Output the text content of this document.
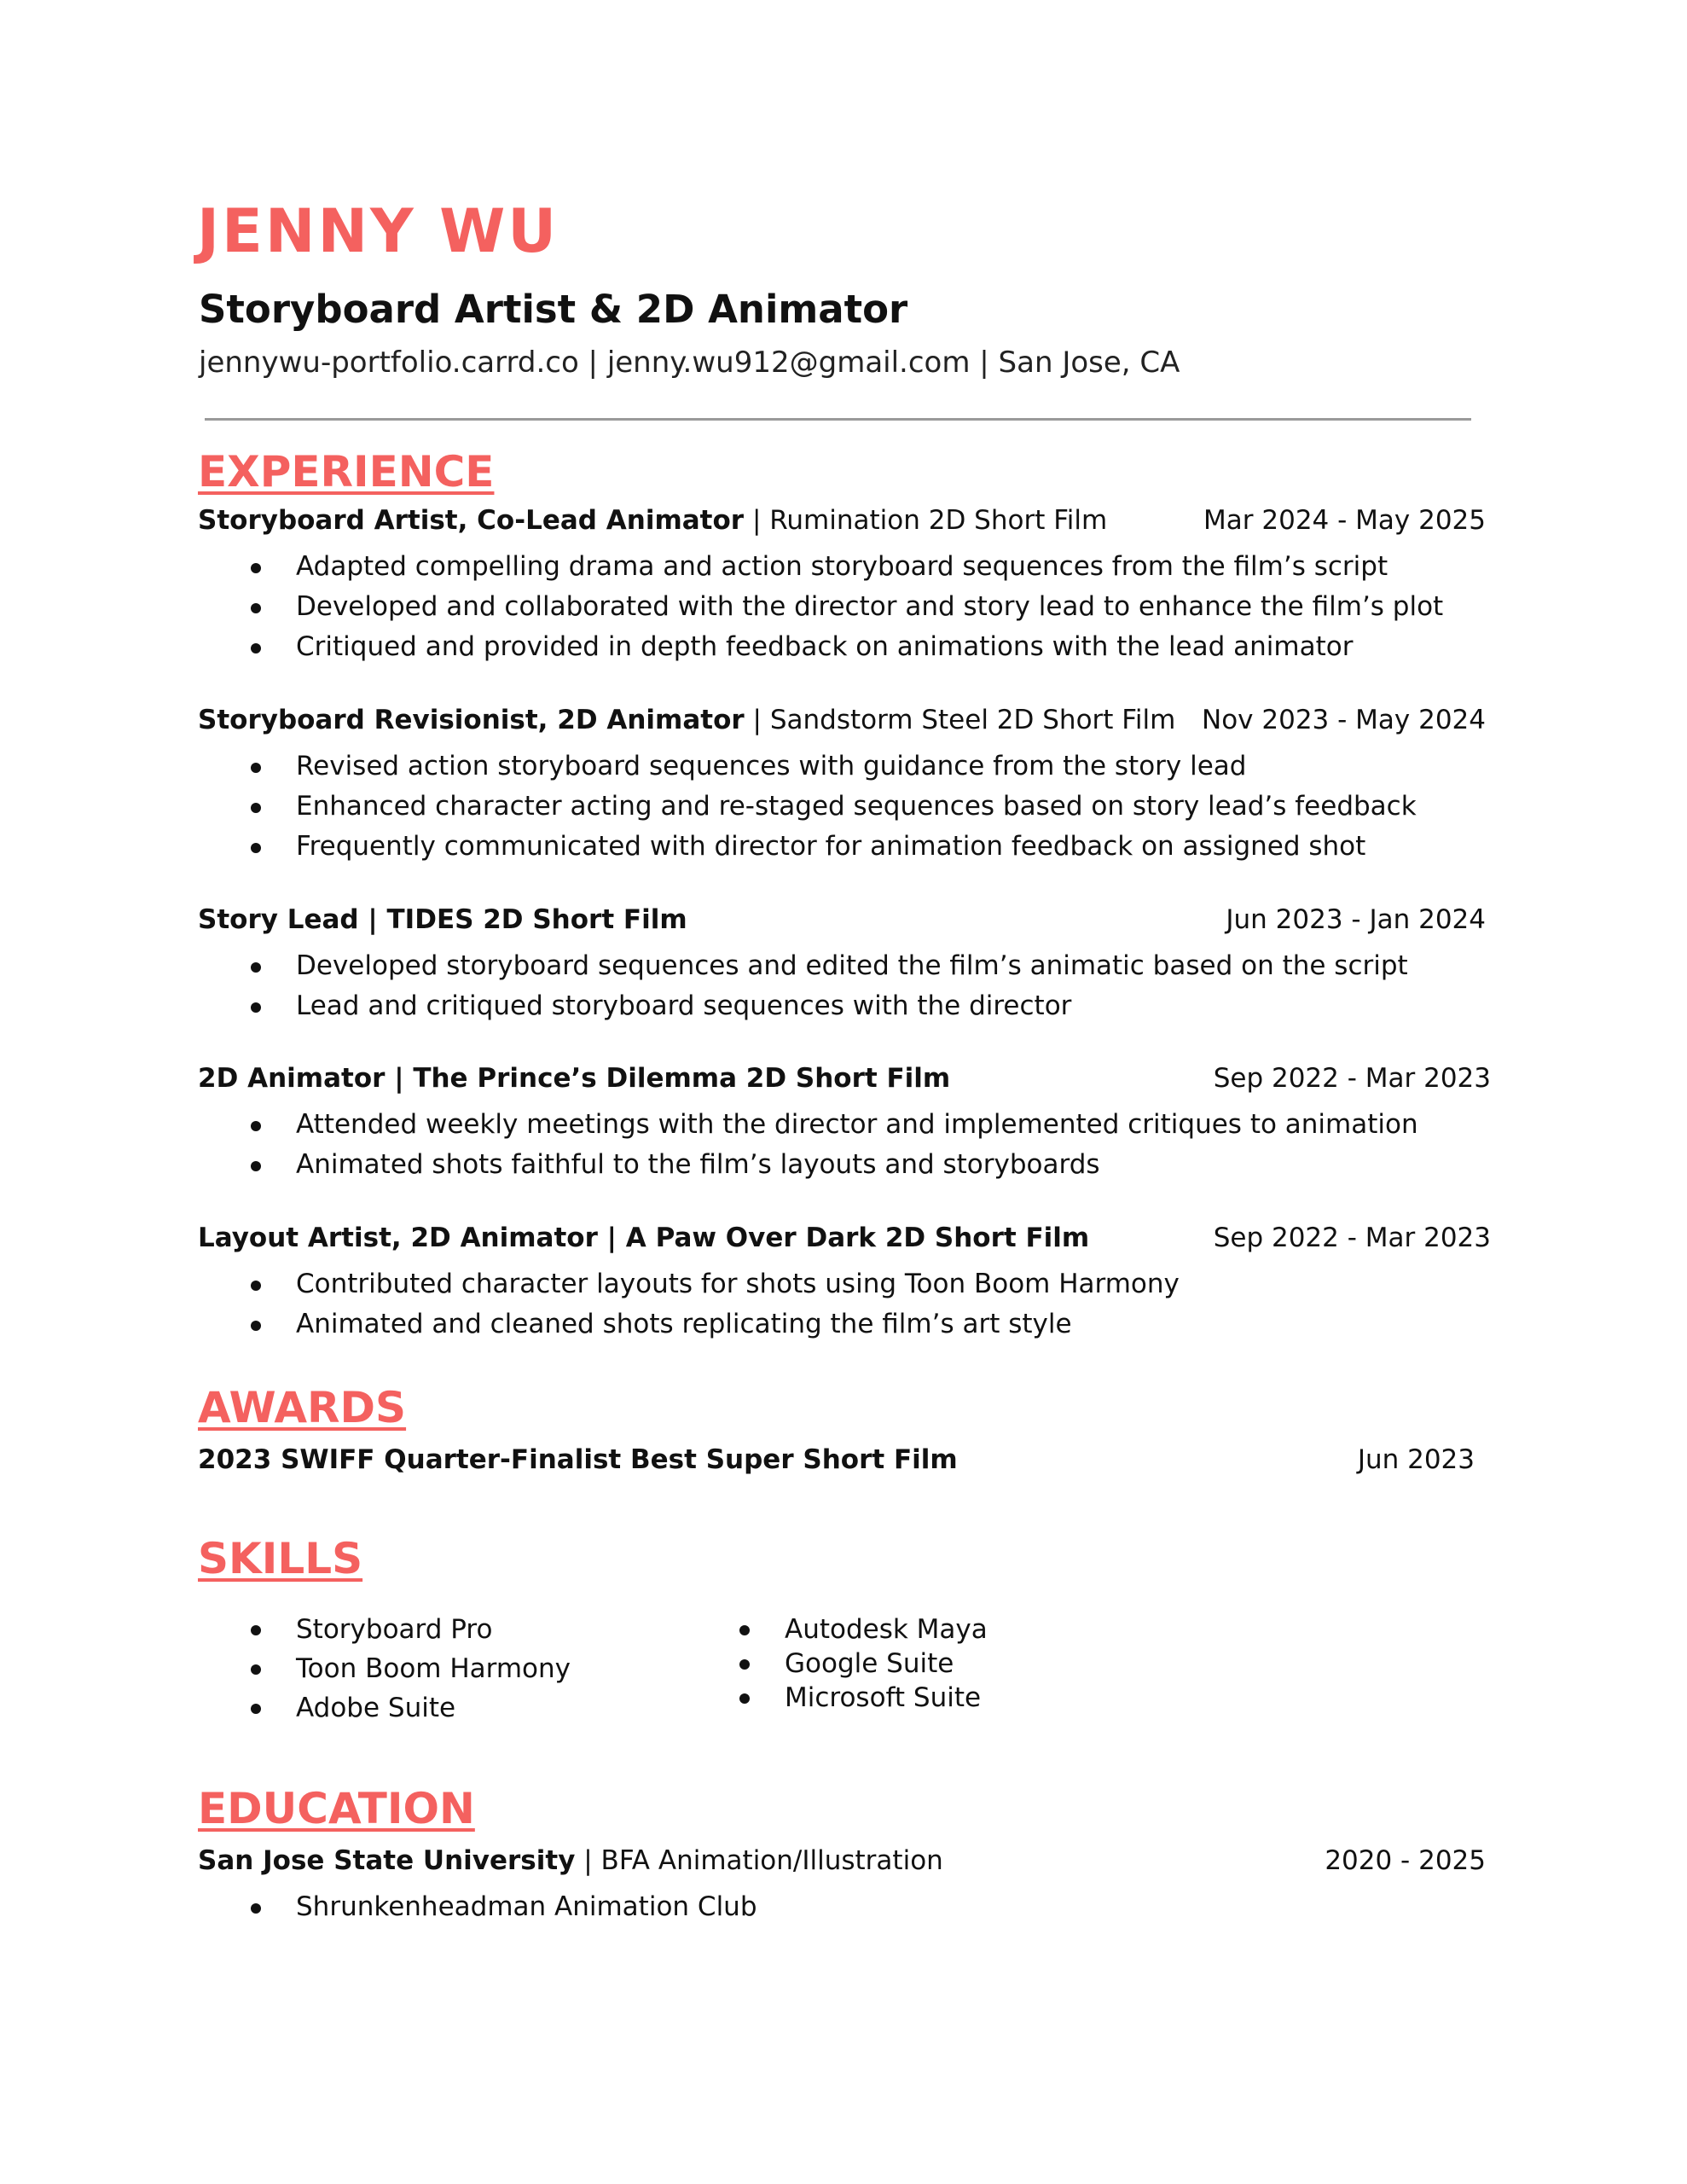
JENNY WU
Storyboard Artist & 2D Animator

jennywu-portfolio.carrd.co | jenny.wu912@gmail.com | San Jose, CA

EXPERIENCE
Storyboard Artist, Co-Lead Animator | Rumination 2D Short Film	Mar 2024 - May 2025
Adapted compelling drama and action storyboard sequences from the film’s script
Developed and collaborated with the director and story lead to enhance the film’s plot
Critiqued and provided in depth feedback on animations with the lead animator
Storyboard Revisionist, 2D Animator | Sandstorm Steel 2D Short Film Nov 2023 - May 2024
Revised action storyboard sequences with guidance from the story lead
Enhanced character acting and re-staged sequences based on story lead’s feedback
Frequently communicated with director for animation feedback on assigned shot
Story Lead | TIDES 2D Short Film	Jun 2023 - Jan 2024
Developed storyboard sequences and edited the film’s animatic based on the script
Lead and critiqued storyboard sequences with the director
2D Animator | The Prince’s Dilemma 2D Short Film	Sep 2022 - Mar 2023
Attended weekly meetings with the director and implemented critiques to animation
Animated shots faithful to the film’s layouts and storyboards
Layout Artist, 2D Animator | A Paw Over Dark 2D Short Film	Sep 2022 - Mar 2023
Contributed character layouts for shots using Toon Boom Harmony
Animated and cleaned shots replicating the film’s art style
AWARDS
2023 SWIFF Quarter-Finalist Best Super Short Film	Jun 2023
SKILLS
Storyboard Pro
Toon Boom Harmony
Adobe Suite
Autodesk Maya
Google Suite
Microsoft Suite
EDUCATION
San Jose State University | BFA Animation/Illustration	2020 - 2025
Shrunkenheadman Animation Club
